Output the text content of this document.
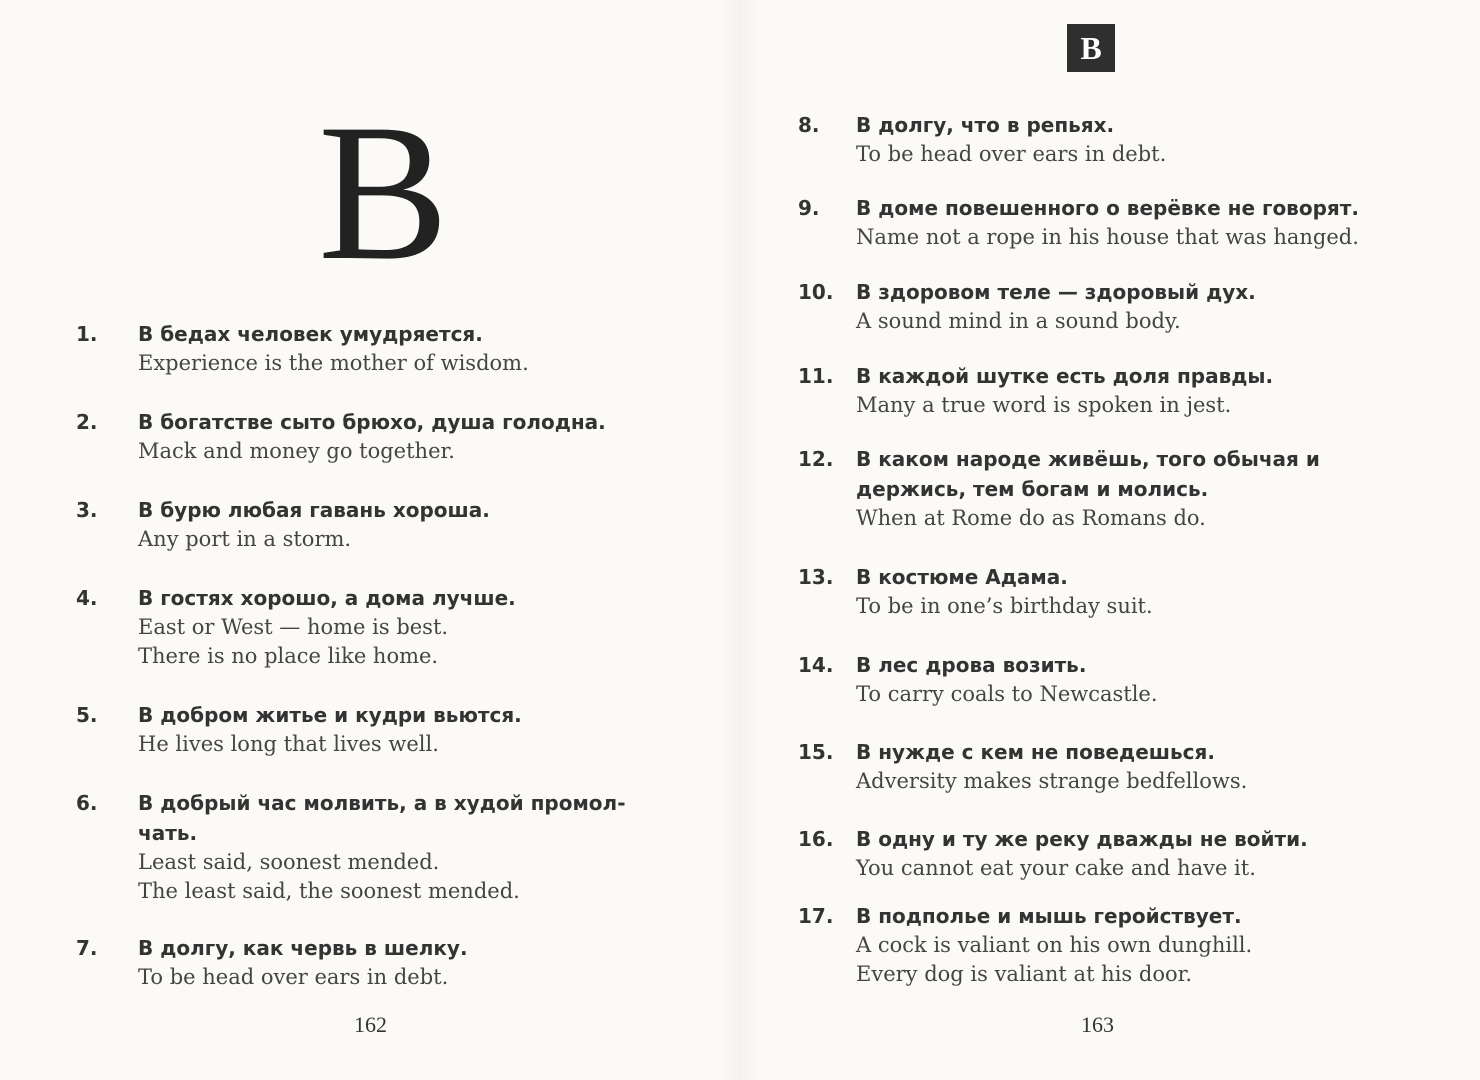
B
1. В бедах человек умудряется.
Experience is the mother of wisdom.
2. В богатстве сыто брюхо, душа голодна.
Mack and money go together.
3. В бурю любая гавань хороша.
Any port in a storm.
4. В гостях хорошо, а дома лучше.
East or West — home is best.
There is no place like home.
5. В добром житье и кудри вьются.
He lives long that lives well.
6. В добрый час молвить, а в худой промол-
чать.
Least said, soonest mended.
The least said, the soonest mended.
7. В долгу, как червь в шелку.
To be head over ears in debt.
162
В
8. В долгу, что в репьях.
To be head over ears in debt.
9. В доме повешенного о верёвке не говорят.
Name not a rope in his house that was hanged.
10. В здоровом теле — здоровый дух.
A sound mind in a sound body.
11. В каждой шутке есть доля правды.
Many a true word is spoken in jest.
12. В каком народе живёшь, того обычая и
держись, тем богам и молись.
When at Rome do as Romans do.
13. В костюме Адама.
To be in one’s birthday suit.
14. В лес дрова возить.
To carry coals to Newcastle.
15. В нужде с кем не поведешься.
Adversity makes strange bedfellows.
16. В одну и ту же реку дважды не войти.
You cannot eat your cake and have it.
17. В подполье и мышь геройствует.
A cock is valiant on his own dunghill.
Every dog is valiant at his door.
163
